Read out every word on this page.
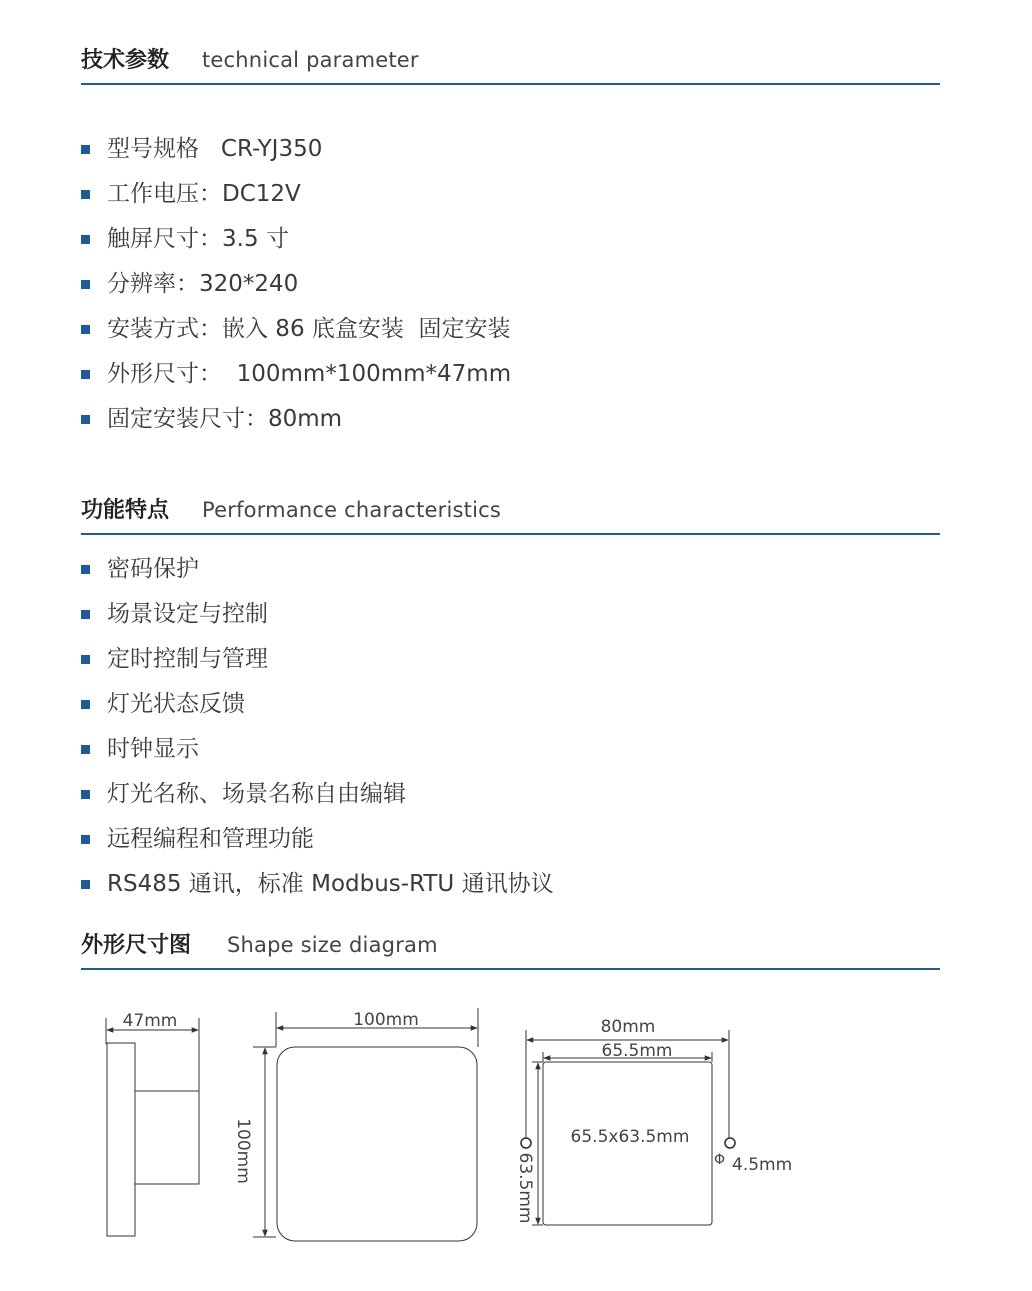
技术参数 technical parameter
型号规格   CR-YJ350
工作电压：DC12V
触屏尺寸：3.5 寸
分辨率：320*240
安装方式：嵌入 86 底盒安装  固定安装
外形尺寸：  100mm*100mm*47mm
固定安装尺寸：80mm
功能特点 Performance characteristics
密码保护
场景设定与控制
定时控制与管理
灯光状态反馈
时钟显示
灯光名称、场景名称自由编辑
远程编程和管理功能
RS485 通讯，标准 Modbus-RTU 通讯协议
外形尺寸图 Shape size diagram
47mm	100mm
100mm
80mm
65.5mm
63.5mm
65.5x63.5mm
Φ 4.5mm
